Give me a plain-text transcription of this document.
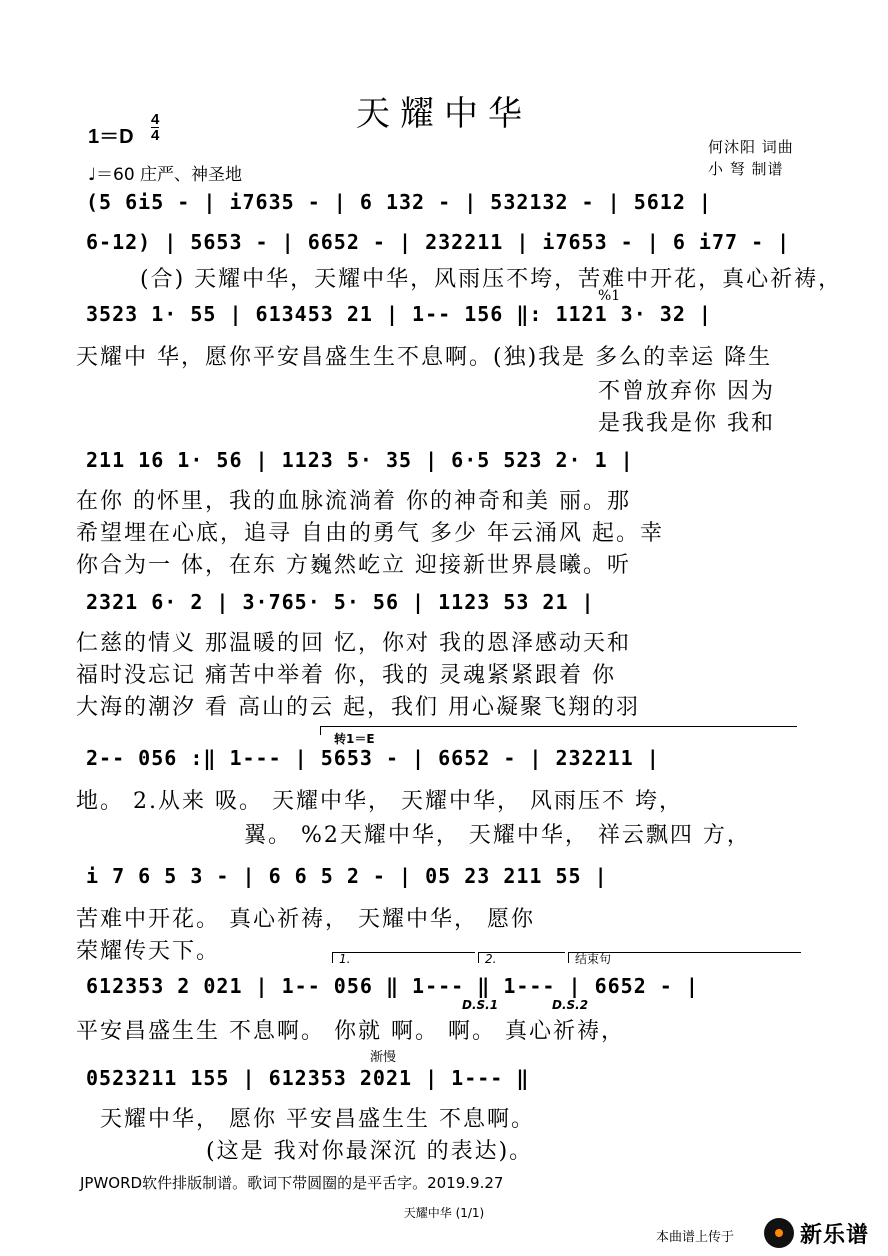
天耀中华
1＝D
4
4
♩＝60 庄严、神圣地
何沐阳 词曲
小 弩 制谱
(5 6i5 - | i7635 - | 6 132 - | 532132 - | 5612 |
6-12) | 5653 - | 6652 - | 232211 | i7653 - | 6 i77 - |
(合) 天耀中华，天耀中华，风雨压不垮，苦难中开花，真心祈祷，
%1
3523 1· 55 | 613453 21 | 1-- 156 ‖: 1121 3· 32 |
天耀中 华，愿你平安昌盛生生不息啊。(独)我是 多么的幸运 降生
不曾放弃你 因为
是我我是你 我和
211 16 1· 56 | 1123 5· 35 | 6·5 523 2· 1 |
在你 的怀里，我的血脉流淌着 你的神奇和美 丽。那
希望埋在心底，追寻 自由的勇气 多少 年云涌风 起。幸
你合为一 体，在东 方巍然屹立 迎接新世界晨曦。听
2321 6· 2 | 3·765· 5· 56 | 1123 53 21 |
仁慈的情义 那温暖的回 忆，你对 我的恩泽感动天和
福时没忘记 痛苦中举着 你，我的 灵魂紧紧跟着 你
大海的潮汐 看 高山的云 起，我们 用心凝聚飞翔的羽
转1＝E
2-- 056 :‖ 1--- | 5653 - | 6652 - | 232211 |
地。 2.从来 吸。 天耀中华， 天耀中华， 风雨压不 垮，
翼。 %2天耀中华， 天耀中华， 祥云飘四 方，
i 7 6 5 3 - | 6 6 5 2 - | 05 23 211 55 |
苦难中开花。 真心祈祷， 天耀中华， 愿你
荣耀传天下。	1.	2.	结束句
612353 2 021 | 1-- 056 ‖ 1--- ‖ 1--- | 6652 - |
D.S.1	D.S.2
平安昌盛生生 不息啊。 你就 啊。 啊。 真心祈祷，
渐慢
0523211 155 | 612353 2021 | 1--- ‖
天耀中华， 愿你 平安昌盛生生 不息啊。
(这是 我对你最深沉 的表达)。
JPWORD软件排版制谱。歌词下带圆圈的是平舌字。2019.9.27
天耀中华 (1/1)
本曲谱上传于	新乐谱
